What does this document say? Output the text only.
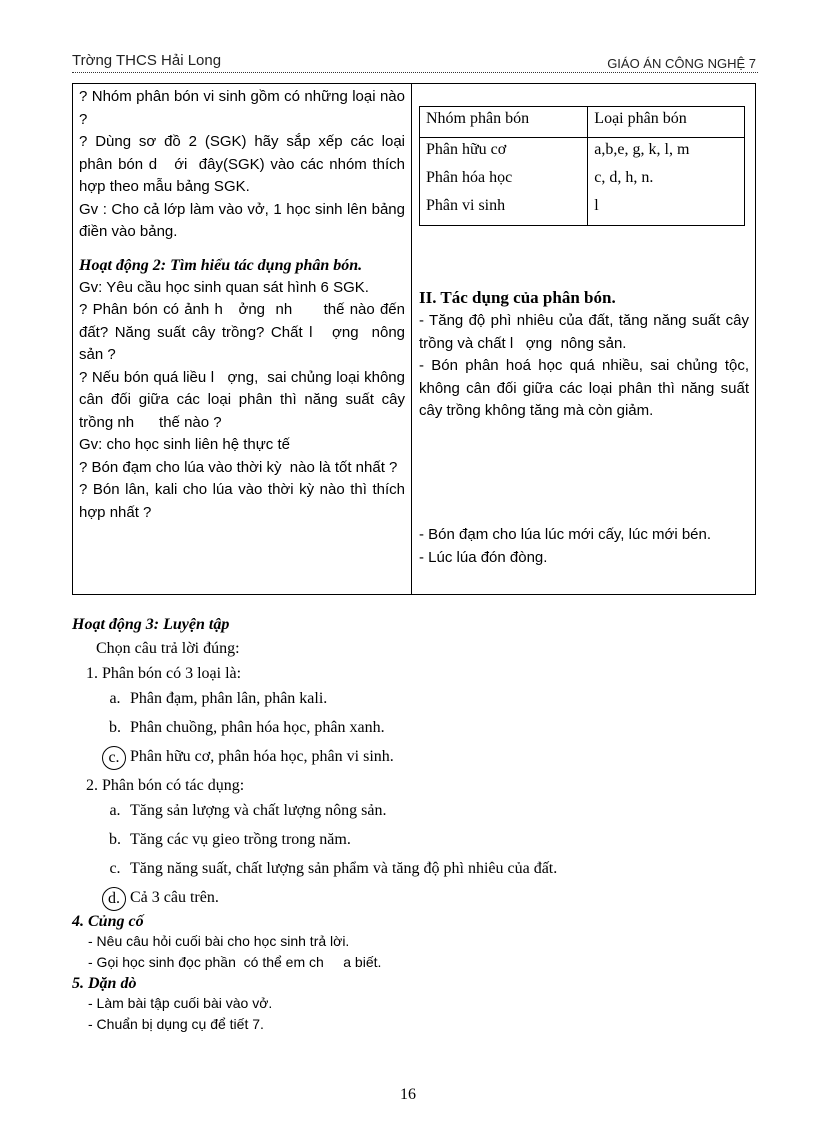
Trờng THCS Hải Long	GIÁO ÁN CÔNG NGHỆ 7

? Nhóm phân bón vi sinh gồm có những loại nào ?

? Dùng sơ đồ 2 (SGK) hãy sắp xếp các loại phân bón d   ới  đây(SGK) vào các nhóm thích hợp theo mẫu bảng SGK.

Gv : Cho cả lớp làm vào vở, 1 học sinh lên bảng điền vào bảng.

Hoạt động 2: Tìm hiểu tác dụng phân bón.

Gv: Yêu cầu học sinh quan sát hình 6 SGK.

? Phân bón có ảnh h   ởng  nh      thế nào đến đất? Năng suất cây trồng? Chất l   ợng  nông sản ?

? Nếu bón quá liều l   ợng,  sai chủng loại không cân đối giữa các loại phân thì năng suất cây trồng nh      thế nào ?

Gv: cho học sinh liên hệ thực tế

? Bón đạm cho lúa vào thời kỳ  nào là tốt nhất ?

? Bón lân, kali cho lúa vào thời kỳ nào thì thích hợp nhất ?

Nhóm phân bón	Loại phân bón
Phân hữu cơ	a,b,e, g, k, l, m
Phân hóa học	c, d, h, n.
Phân vi sinh	l
II. Tác dụng của phân bón.

- Tăng độ phì nhiêu của đất, tăng năng suất cây trồng và chất l   ợng  nông sản.

- Bón phân hoá học quá nhiều, sai chủng tộc, không cân đối giữa các loại phân thì năng suất cây trồng không tăng mà còn giảm.

- Bón đạm cho lúa lúc mới cấy, lúc mới bén.

- Lúc lúa đón đòng.

Hoạt động 3: Luyện tập
Chọn câu trả lời đúng:
1. Phân bón có 3 loại là:
a. Phân đạm, phân lân, phân kali.
b. Phân chuồng, phân hóa học, phân xanh.
c. Phân hữu cơ, phân hóa học, phân vi sinh.
2. Phân bón có tác dụng:
a. Tăng sản lượng và chất lượng nông sản.
b. Tăng các vụ gieo trồng trong năm.
c. Tăng năng suất, chất lượng sản phẩm và tăng độ phì nhiêu của đất.
d. Cả 3 câu trên.
4. Củng cố
- Nêu câu hỏi cuối bài cho học sinh trả lời.
- Gọi học sinh đọc phần  có thể em ch     a biết.
5. Dặn dò
- Làm bài tập cuối bài vào vở.
- Chuẩn bị dụng cụ để tiết 7.
16
